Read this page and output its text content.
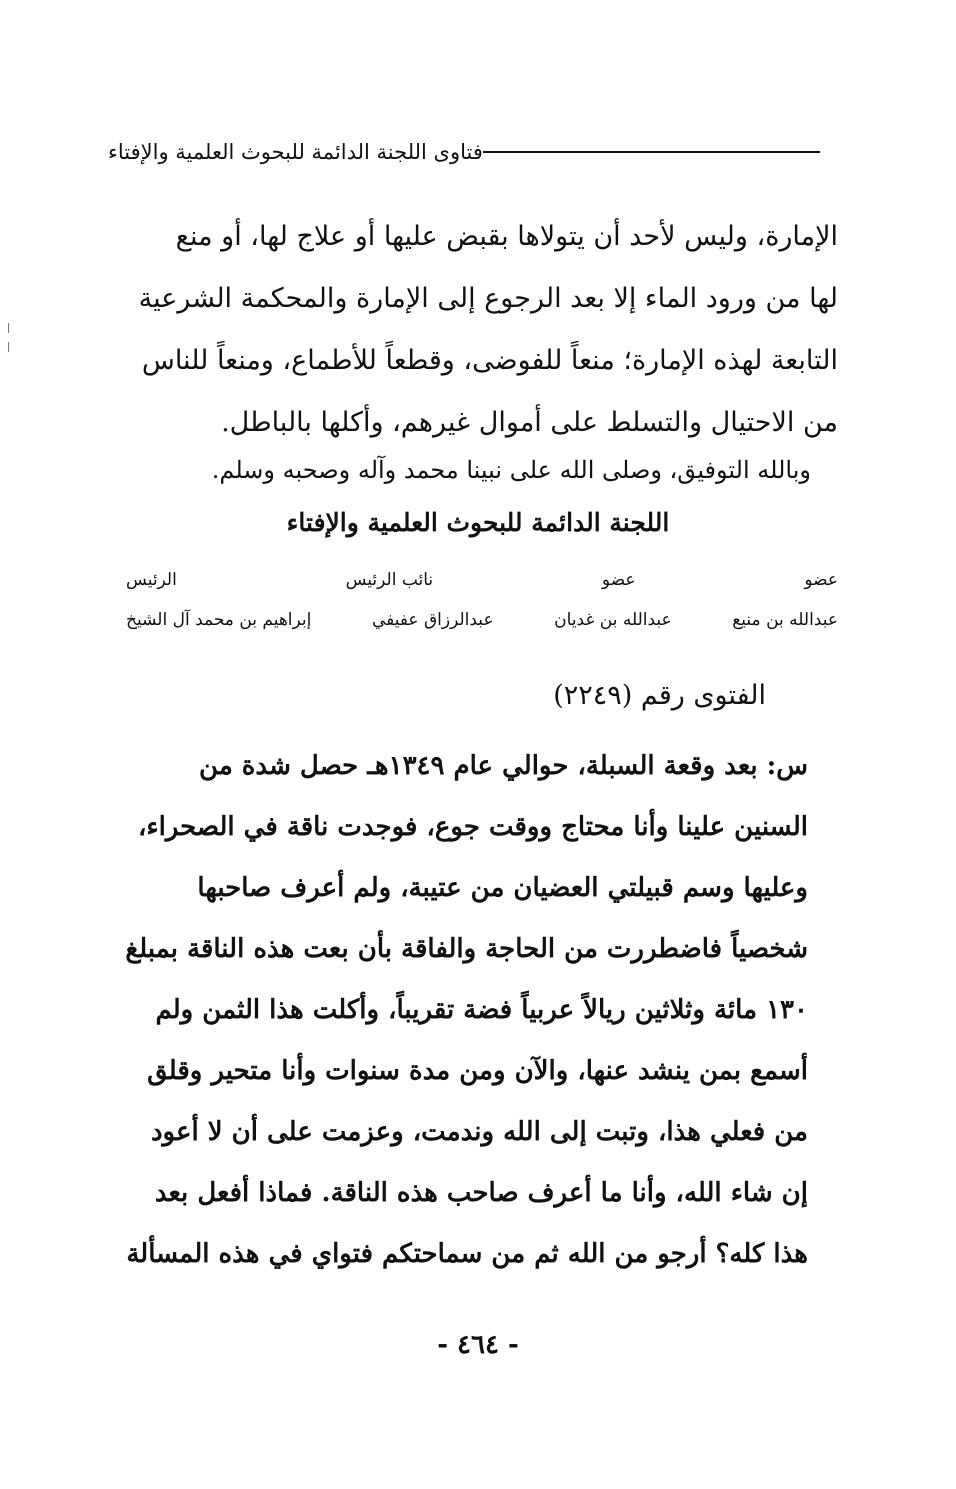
فتاوى اللجنة الدائمة للبحوث العلمية والإفتاء
الإمارة، وليس لأحد أن يتولاها بقبض عليها أو علاج لها، أو منع
لها من ورود الماء إلا بعد الرجوع إلى الإمارة والمحكمة الشرعية
التابعة لهذه الإمارة؛ منعاً للفوضى، وقطعاً للأطماع، ومنعاً للناس
من الاحتيال والتسلط على أموال غيرهم، وأكلها بالباطل.
وبالله التوفيق، وصلى الله على نبينا محمد وآله وصحبه وسلم.
اللجنة الدائمة للبحوث العلمية والإفتاء
عضو
عضو
نائب الرئيس
الرئيس
عبدالله بن منيع
عبدالله بن غديان
عبدالرزاق عفيفي
إبراهيم بن محمد آل الشيخ
الفتوى رقم (٢٢٤٩)
س: بعد وقعة السبلة، حوالي عام ١٣٤٩هـ حصل شدة من
السنين علينا وأنا محتاج ووقت جوع، فوجدت ناقة في الصحراء،
وعليها وسم قبيلتي العضيان من عتيبة، ولم أعرف صاحبها
شخصياً فاضطررت من الحاجة والفاقة بأن بعت هذه الناقة بمبلغ
١٣٠ مائة وثلاثين ريالاً عربياً فضة تقريباً، وأكلت هذا الثمن ولم
أسمع بمن ينشد عنها، والآن ومن مدة سنوات وأنا متحير وقلق
من فعلي هذا، وتبت إلى الله وندمت، وعزمت على أن لا أعود
إن شاء الله، وأنا ما أعرف صاحب هذه الناقة. فماذا أفعل بعد
هذا كله؟ أرجو من الله ثم من سماحتكم فتواي في هذه المسألة
- ٤٦٤ -
